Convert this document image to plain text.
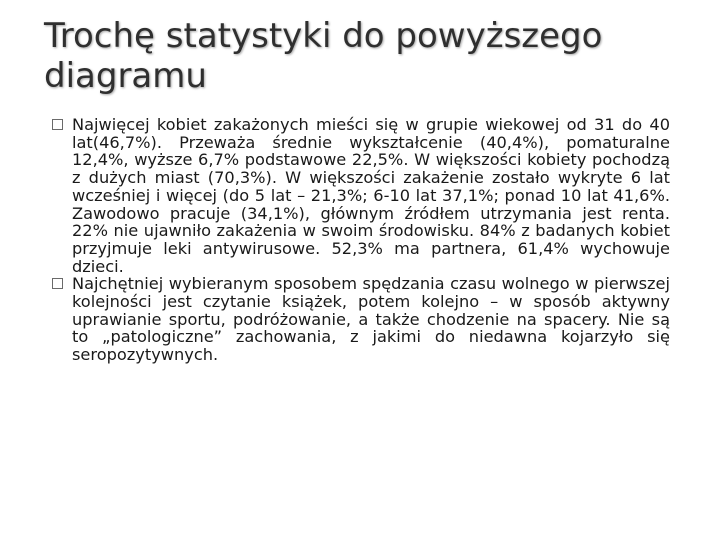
Trochę statystyki do powyższego diagramu

Najwięcej kobiet zakażonych mieści się w grupie wiekowej od 31 do 40 lat(46,7%). Przeważa średnie wykształcenie (40,4%), pomaturalne 12,4%, wyższe 6,7% podstawowe 22,5%. W większości kobiety pochodzą z dużych miast (70,3%). W większości zakażenie zostało wykryte 6 lat wcześniej i więcej (do 5 lat – 21,3%; 6-10 lat 37,1%; ponad 10 lat 41,6%. Zawodowo pracuje (34,1%), głównym źródłem utrzymania jest renta. 22% nie ujawniło zakażenia w swoim środowisku. 84% z badanych kobiet przyjmuje leki antywirusowe. 52,3% ma partnera, 61,4% wychowuje dzieci.

Najchętniej wybieranym sposobem spędzania czasu wolnego w pierwszej kolejności jest czytanie książek, potem kolejno – w sposób aktywny uprawianie sportu, podróżowanie, a także chodzenie na spacery. Nie są to „patologiczne” zachowania, z jakimi do niedawna kojarzyło się seropozytywnych.
